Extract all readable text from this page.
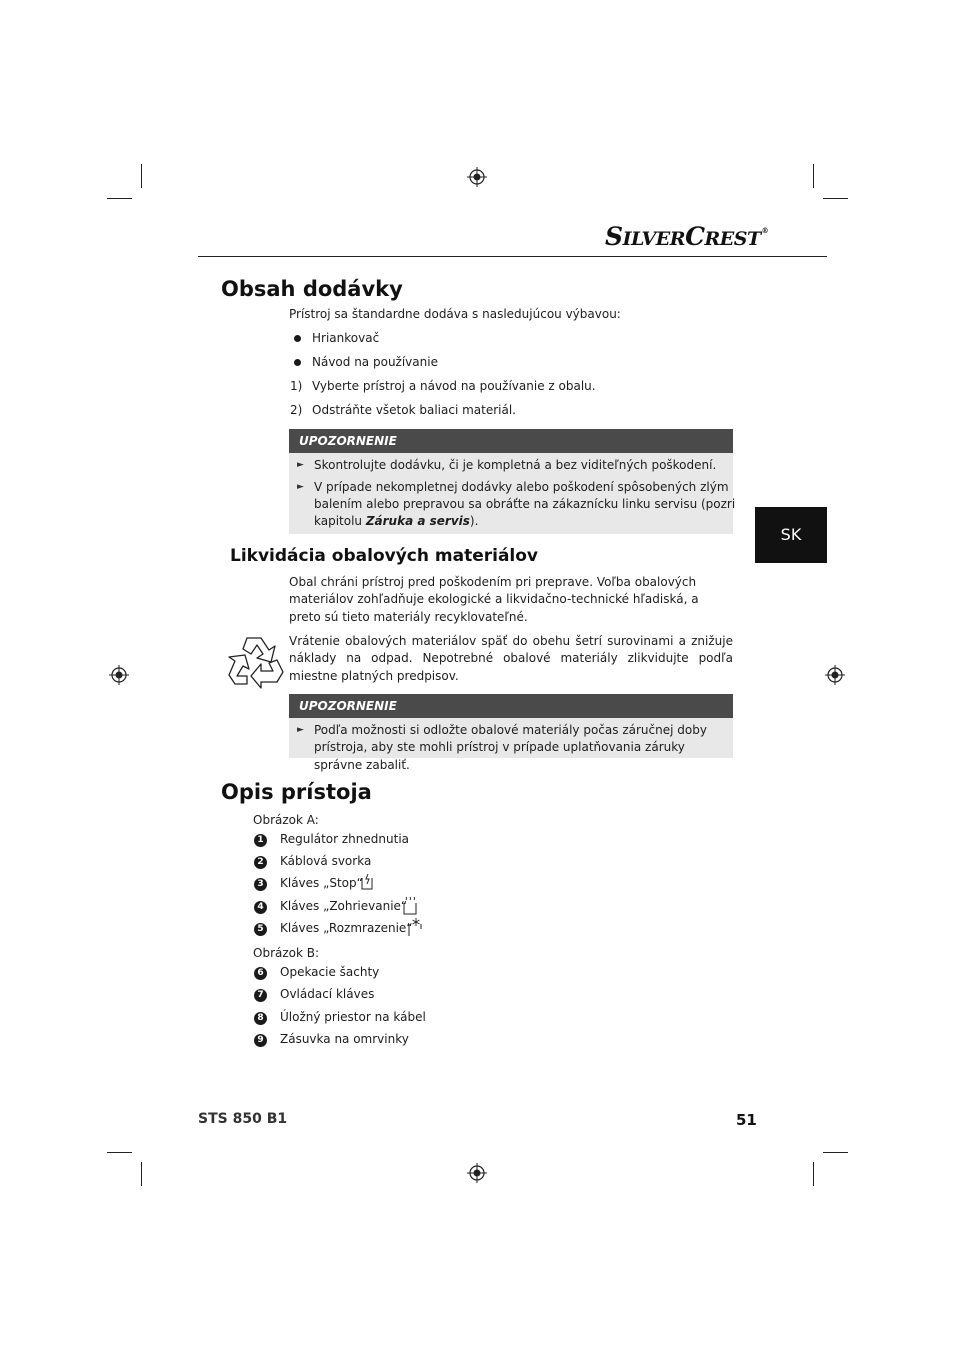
SILVERCREST®
SK
Obsah dodávky
Prístroj sa štandardne dodáva s nasledujúcou výbavou:
Hriankovač
Návod na používanie
1) Vyberte prístroj a návod na používanie z obalu.
2) Odstráňte všetok baliaci materiál.
UPOZORNENIE
► Skontrolujte dodávku, či je kompletná a bez viditeľných poškodení.
► V prípade nekompletnej dodávky alebo poškodení spôsobených zlým
balením alebo prepravou sa obráťte na zákaznícku linku servisu (pozri
kapitolu Záruka a servis).
Likvidácia obalových materiálov
Obal chráni prístroj pred poškodením pri preprave. Voľba obalových materiálov zohľadňuje ekologické a likvidačno-technické hľadiská, a preto sú tieto materiály recyklovateľné.
Vrátenie obalových materiálov späť do obehu šetrí surovinami a znižuje náklady na odpad. Nepotrebné obalové materiály zlikvidujte podľa miestne platných predpisov.
UPOZORNENIE
► Podľa možnosti si odložte obalové materiály počas záručnej doby prístroja, aby ste mohli prístroj v prípade uplatňovania záruky správne zabaliť.
Opis prístoja
Obrázok A:
1 Regulátor zhnednutia
2 Káblová svorka
3 Kláves „Stop“
4 Kláves „Zohrievanie“
5 Kláves „Rozmrazenie“
Obrázok B:
6 Opekacie šachty
7 Ovládací kláves
8 Úložný priestor na kábel
9 Zásuvka na omrvinky
STS 850 B1	51
